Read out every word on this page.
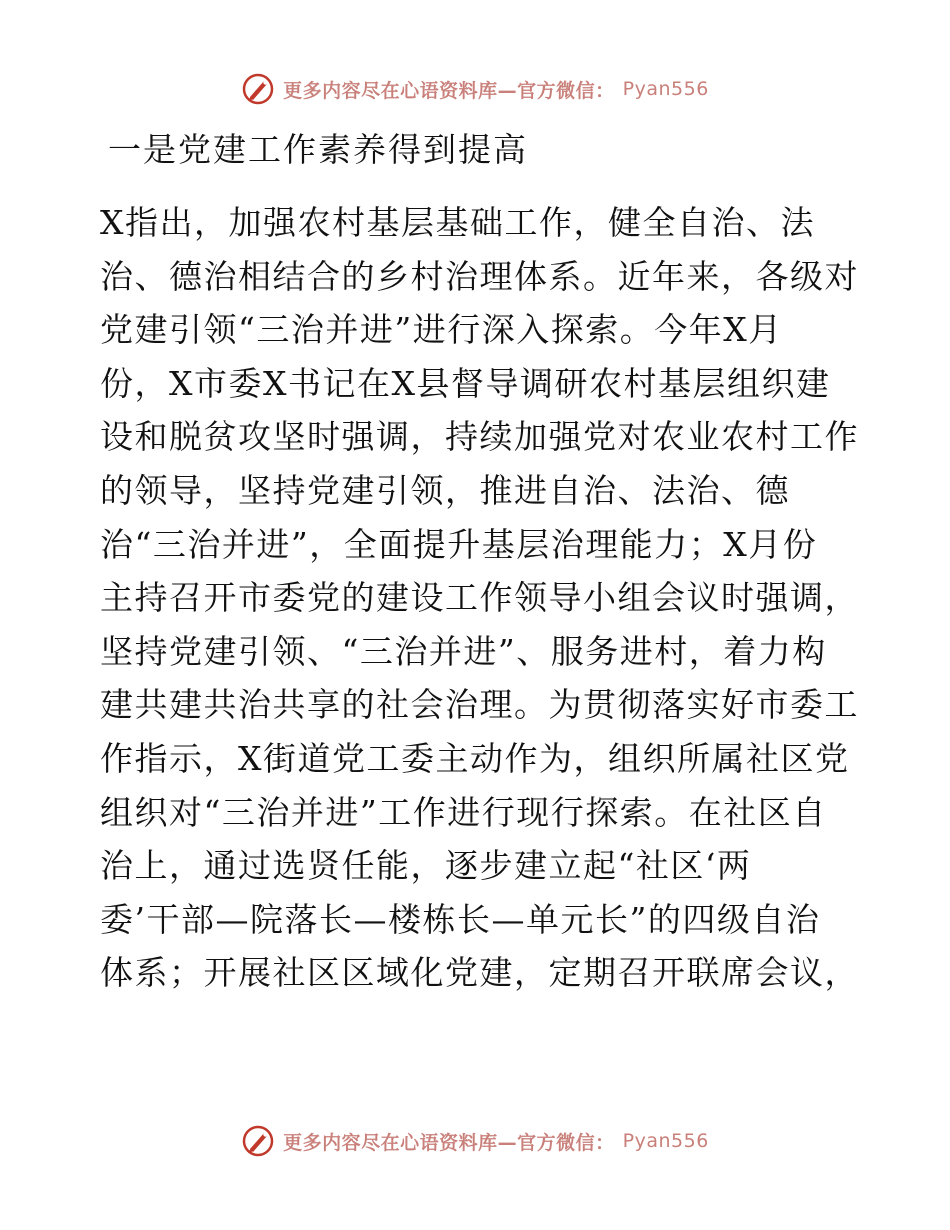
更多内容尽在心语资料库—官方微信： Pyan556
一是党建工作素养得到提高
X指出，加强农村基层基础工作，健全自治、法
治、德治相结合的乡村治理体系。近年来，各级对
党建引领“三治并进”进行深入探索。今年X月
份，X市委X书记在X县督导调研农村基层组织建
设和脱贫攻坚时强调，持续加强党对农业农村工作
的领导，坚持党建引领，推进自治、法治、德
治“三治并进”，全面提升基层治理能力；X月份
主持召开市委党的建设工作领导小组会议时强调，
坚持党建引领、“三治并进”、服务进村，着力构
建共建共治共享的社会治理。为贯彻落实好市委工
作指示，X街道党工委主动作为，组织所属社区党
组织对“三治并进”工作进行现行探索。在社区自
治上，通过选贤任能，逐步建立起“社区‘两
委’干部—院落长—楼栋长—单元长”的四级自治
体系；开展社区区域化党建，定期召开联席会议，
更多内容尽在心语资料库—官方微信： Pyan556
